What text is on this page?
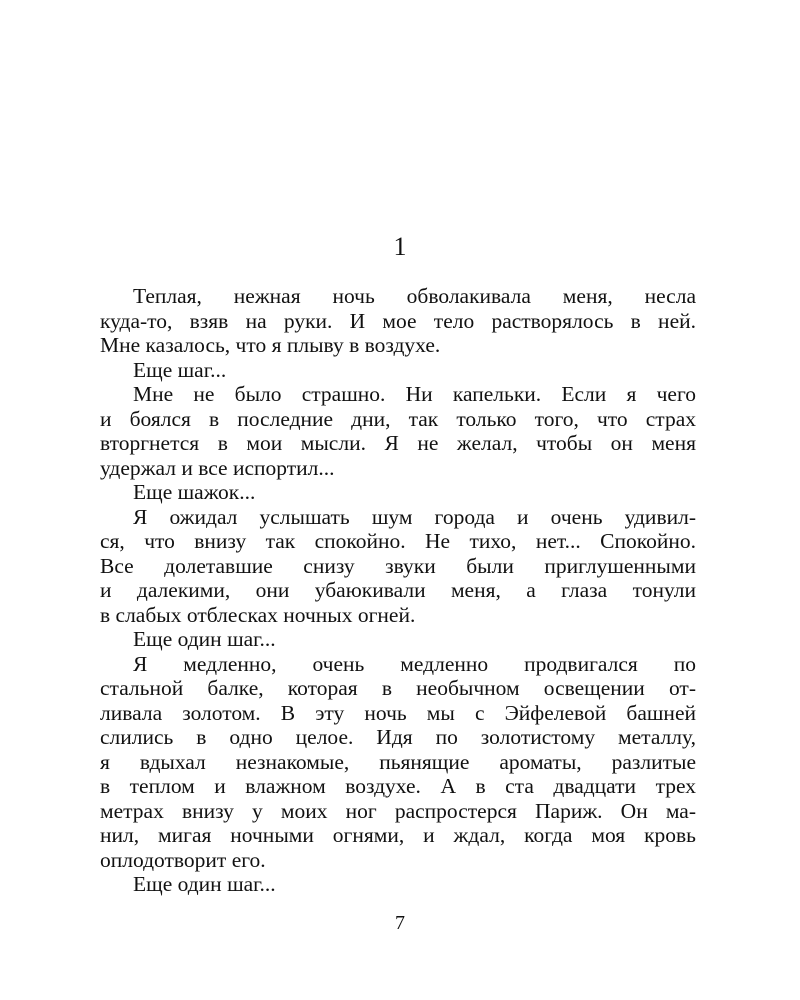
1
Теплая, нежная ночь обволакивала меня, несла
куда-то, взяв на руки. И мое тело растворялось в ней.
Мне казалось, что я плыву в воздухе.
Еще шаг...
Мне не было страшно. Ни капельки. Если я чего
и боялся в последние дни, так только того, что страх
вторгнется в мои мысли. Я не желал, чтобы он меня
удержал и все испортил...
Еще шажок...
Я ожидал услышать шум города и очень удивил-
ся, что внизу так спокойно. Не тихо, нет... Спокойно.
Все долетавшие снизу звуки были приглушенными
и далекими, они убаюкивали меня, а глаза тонули
в слабых отблесках ночных огней.
Еще один шаг...
Я медленно, очень медленно продвигался по
стальной балке, которая в необычном освещении от-
ливала золотом. В эту ночь мы с Эйфелевой башней
слились в одно целое. Идя по золотистому металлу,
я вдыхал незнакомые, пьянящие ароматы, разлитые
в теплом и влажном воздухе. А в ста двадцати трех
метрах внизу у моих ног распростерся Париж. Он ма-
нил, мигая ночными огнями, и ждал, когда моя кровь
оплодотворит его.
Еще один шаг...
7
